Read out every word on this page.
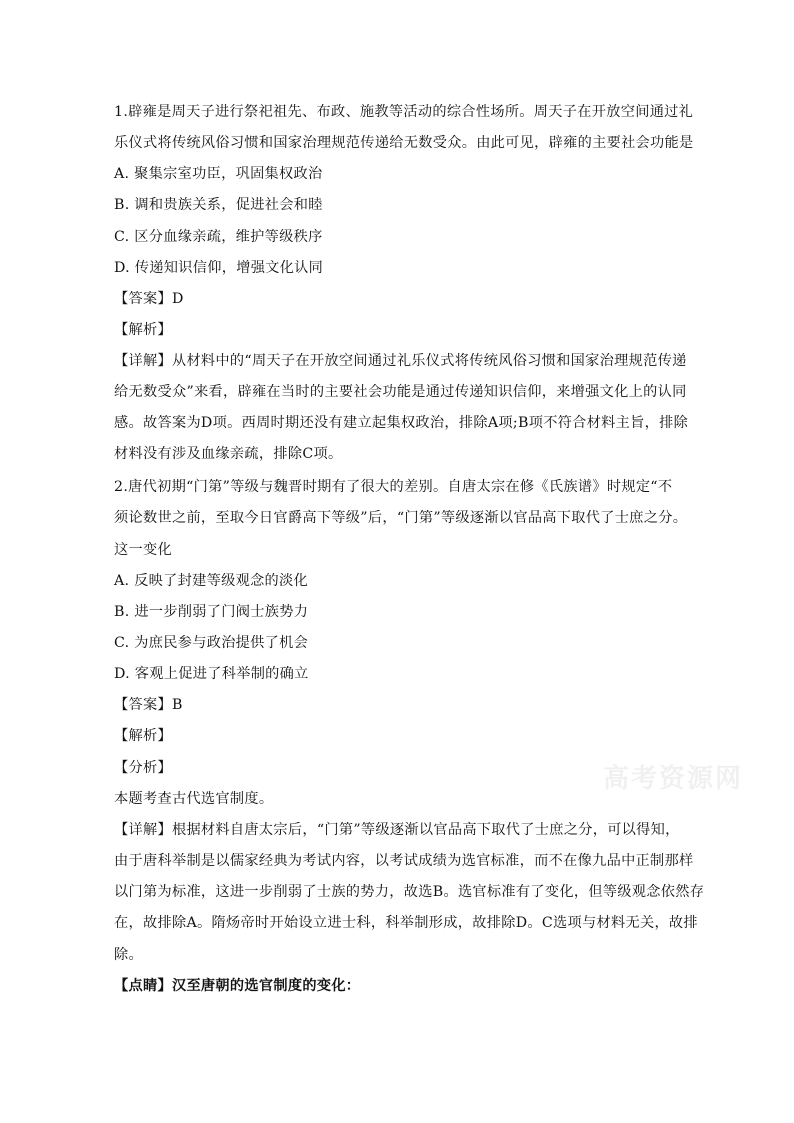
1.辟雍是周天子进行祭祀祖先、布政、施教等活动的综合性场所。周天子在开放空间通过礼
乐仪式将传统风俗习惯和国家治理规范传递给无数受众。由此可见，辟雍的主要社会功能是
A. 聚集宗室功臣，巩固集权政治
B. 调和贵族关系，促进社会和睦
C. 区分血缘亲疏，维护等级秩序
D. 传递知识信仰，增强文化认同
【答案】D
【解析】
【详解】从材料中的“周天子在开放空间通过礼乐仪式将传统风俗习惯和国家治理规范传递
给无数受众”来看，辟雍在当时的主要社会功能是通过传递知识信仰，来增强文化上的认同
感。故答案为D项。西周时期还没有建立起集权政治，排除A项;B项不符合材料主旨，排除
材料没有涉及血缘亲疏，排除C项。
2.唐代初期“门第”等级与魏晋时期有了很大的差别。自唐太宗在修《氏族谱》时规定“不
须论数世之前，至取今日官爵高下等级”后，“门第”等级逐渐以官品高下取代了士庶之分。
这一变化
A. 反映了封建等级观念的淡化
B. 进一步削弱了门阀士族势力
C. 为庶民参与政治提供了机会
D. 客观上促进了科举制的确立
【答案】B
【解析】
【分析】
本题考查古代选官制度。
【详解】根据材料自唐太宗后，“门第”等级逐渐以官品高下取代了士庶之分，可以得知，
由于唐科举制是以儒家经典为考试内容，以考试成绩为选官标准，而不在像九品中正制那样
以门第为标准，这进一步削弱了士族的势力，故选B。选官标准有了变化，但等级观念依然存
在，故排除A。隋炀帝时开始设立进士科，科举制形成，故排除D。C选项与材料无关，故排
除。
【点睛】汉至唐朝的选官制度的变化：
高考资源网
